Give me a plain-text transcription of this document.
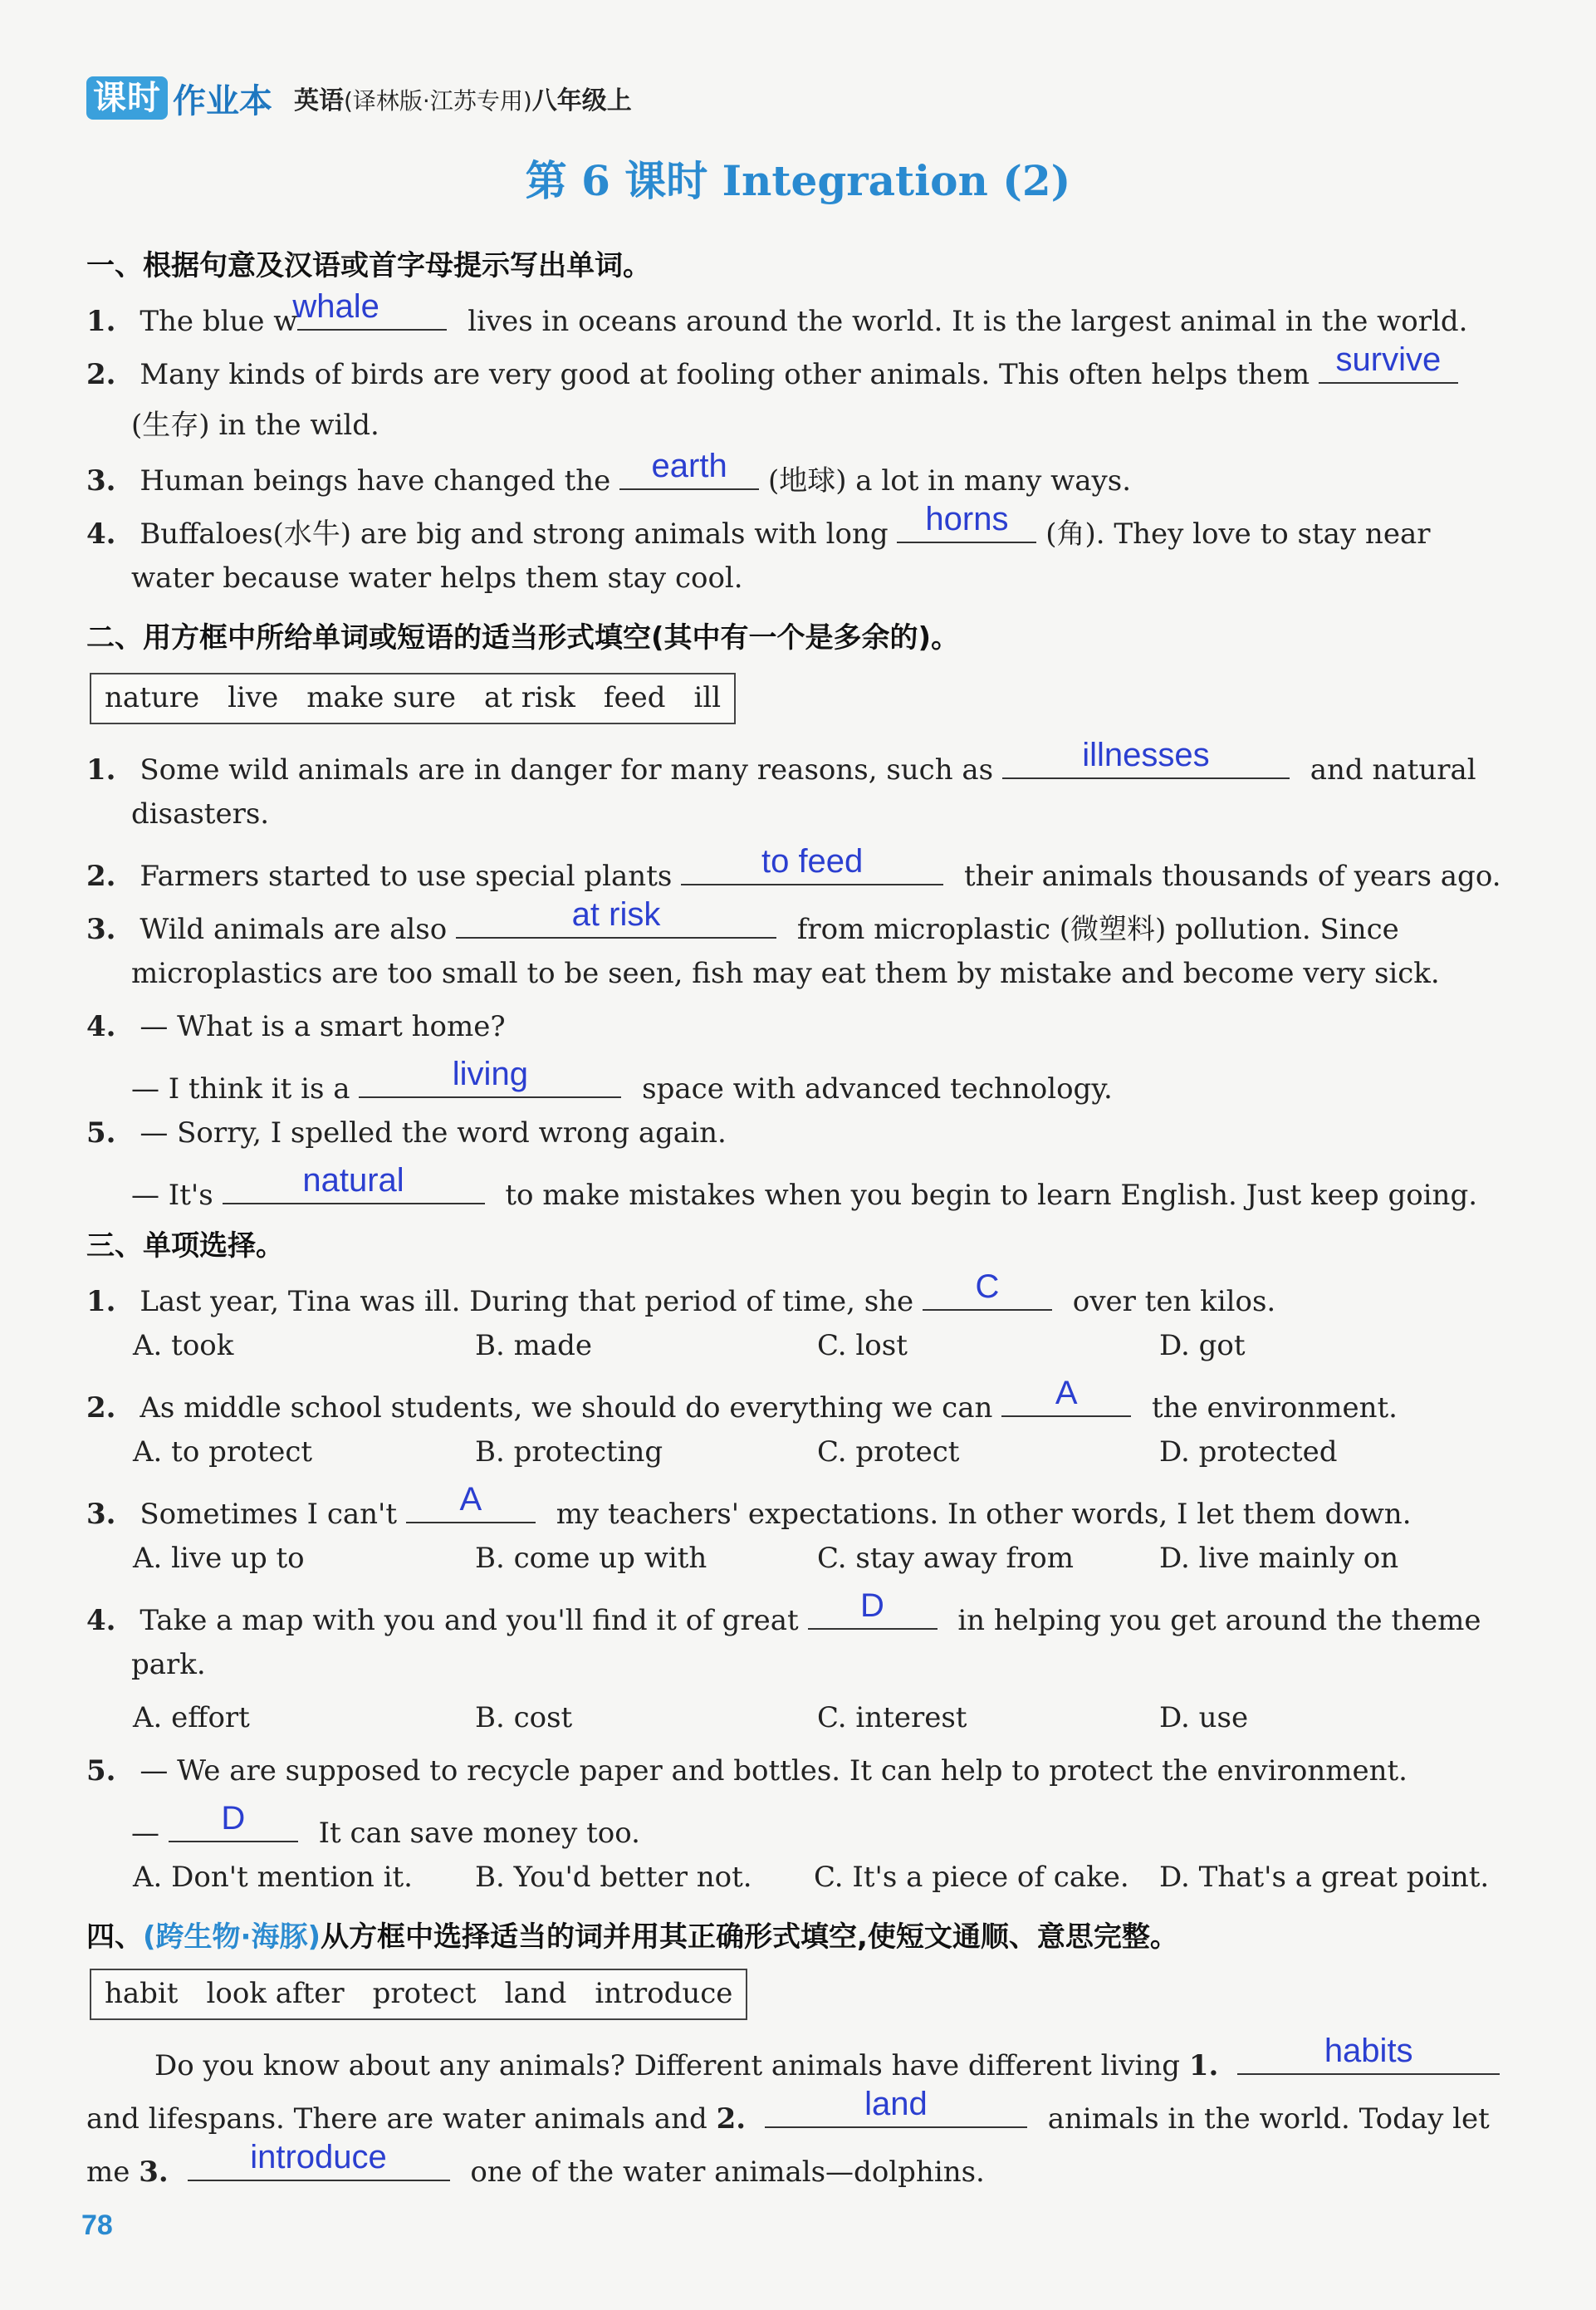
课时 作业本 英语(译林版·江苏专用)八年级上
第 6 课时 Integration (2)
一、根据句意及汉语或首字母提示写出单词。
1. The blue w
whale	lives in oceans around the world. It is the largest animal in the world.
2. Many kinds of birds are very good at fooling other animals. This often helps them survive
(生存) in the wild.
3. Human beings have changed the	earth	(地球) a lot in many ways.
4. Buffaloes(水牛) are big and strong animals with long	horns	(角). They love to stay near
water because water helps them stay cool.
二、用方框中所给单词或短语的适当形式填空(其中有一个是多余的)。
nature live make sure at risk feed ill
1. Some wild animals are in danger for many reasons, such as	illnesses	and natural
disasters.
2. Farmers started to use special plants	to feed	their animals thousands of years ago.
3. Wild animals are also	at risk	from microplastic (微塑料) pollution. Since
microplastics are too small to be seen, fish may eat them by mistake and become very sick.
4. — What is a smart home?
— I think it is a	living	space with advanced technology.
5. — Sorry, I spelled the word wrong again.
— It's	natural	to make mistakes when you begin to learn English. Just keep going.
三、单项选择。
1. Last year, Tina was ill. During that period of time, she	C	over ten kilos.
A. took	B. made	C. lost	D. got
2. As middle school students, we should do everything we can	A	the environment.
A. to protect	B. protecting	C. protect	D. protected
3. Sometimes I can't	A	my teachers' expectations. In other words, I let them down.
A. live up to	B. come up with	C. stay away from	D. live mainly on
4. Take a map with you and you'll find it of great	D	in helping you get around the theme
park.
A. effort	B. cost	C. interest	D. use
5. — We are supposed to recycle paper and bottles. It can help to protect the environment.
—	D	It can save money too.
A. Don't mention it. B. You'd better not. C. It's a piece of cake. D. That's a great point.
四、(跨生物·海豚)从方框中选择适当的词并用其正确形式填空,使短文通顺、意思完整。
habit look after protect land introduce
Do you know about any animals? Different animals have different living 1.	habits
and lifespans. There are water animals and 2.	land	animals in the world. Today let
me 3.	introduce	one of the water animals—dolphins.
78
